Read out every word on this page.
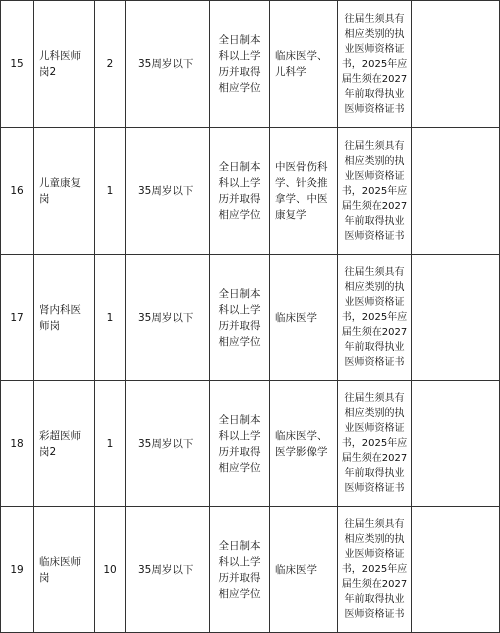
15	儿科医师岗2	2	35周岁以下	全日制本科以上学历并取得相应学位	临床医学、儿科学	往届生须具有相应类别的执业医师资格证书，2025年应届生须在2027年前取得执业医师资格证书	
16	儿童康复岗	1	35周岁以下	全日制本科以上学历并取得相应学位	中医骨伤科学、针灸推拿学、中医康复学	往届生须具有相应类别的执业医师资格证书，2025年应届生须在2027年前取得执业医师资格证书	
17	肾内科医师岗	1	35周岁以下	全日制本科以上学历并取得相应学位	临床医学	往届生须具有相应类别的执业医师资格证书，2025年应届生须在2027年前取得执业医师资格证书	
18	彩超医师岗2	1	35周岁以下	全日制本科以上学历并取得相应学位	临床医学、医学影像学	往届生须具有相应类别的执业医师资格证书，2025年应届生须在2027年前取得执业医师资格证书	
19	临床医师岗	10	35周岁以下	全日制本科以上学历并取得相应学位	临床医学	往届生须具有相应类别的执业医师资格证书，2025年应届生须在2027年前取得执业医师资格证书	
